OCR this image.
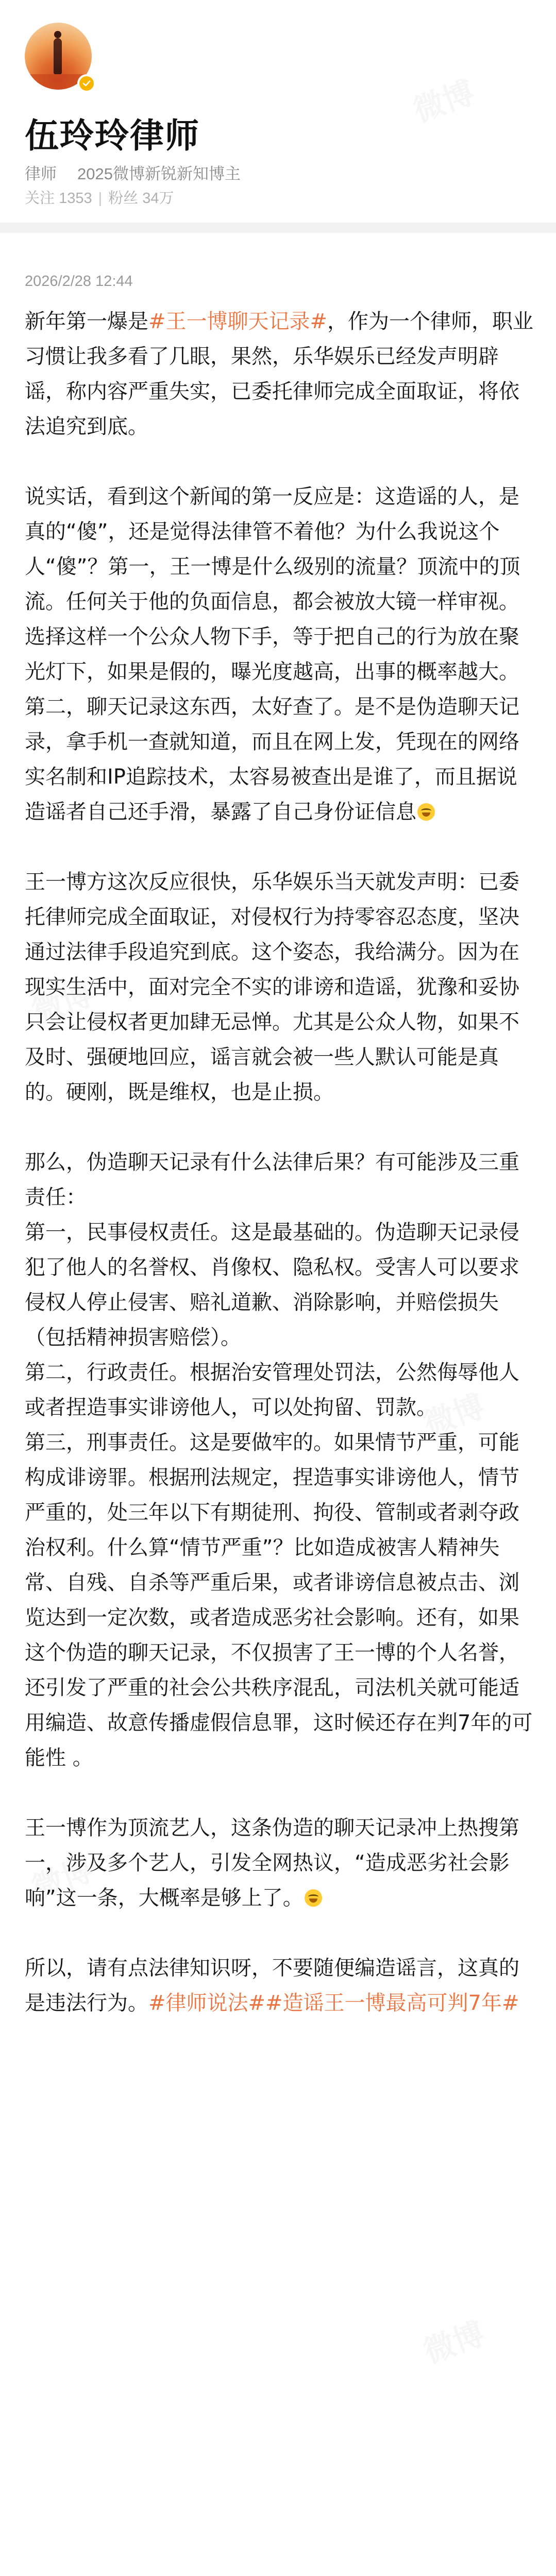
伍玲玲律师
律师 2025微博新锐新知博主
关注 1353 | 粉丝 34万
2026/2/28 12:44

新年第一爆是#王一博聊天记录#，作为一个律师，职业习惯让我多看了几眼，果然，乐华娱乐已经发声明辟谣，称内容严重失实，已委托律师完成全面取证，将依法追究到底。

说实话，看到这个新闻的第一反应是：这造谣的人，是真的“傻”，还是觉得法律管不着他？为什么我说这个人“傻”？第一，王一博是什么级别的流量？顶流中的顶流。任何关于他的负面信息，都会被放大镜一样审视。选择这样一个公众人物下手，等于把自己的行为放在聚光灯下，如果是假的，曝光度越高，出事的概率越大。第二，聊天记录这东西，太好查了。是不是伪造聊天记录，拿手机一查就知道，而且在网上发，凭现在的网络实名制和IP追踪技术，太容易被查出是谁了，而且据说造谣者自己还手滑，暴露了自己身份证信息

王一博方这次反应很快，乐华娱乐当天就发声明：已委托律师完成全面取证，对侵权行为持零容忍态度，坚决通过法律手段追究到底。这个姿态，我给满分。因为在现实生活中，面对完全不实的诽谤和造谣，犹豫和妥协只会让侵权者更加肆无忌惮。尤其是公众人物，如果不及时、强硬地回应，谣言就会被一些人默认可能是真的。硬刚，既是维权，也是止损。

那么，伪造聊天记录有什么法律后果？有可能涉及三重责任：

第一，民事侵权责任。这是最基础的。伪造聊天记录侵犯了他人的名誉权、肖像权、隐私权。受害人可以要求侵权人停止侵害、赔礼道歉、消除影响，并赔偿损失（包括精神损害赔偿）。

第二，行政责任。根据治安管理处罚法，公然侮辱他人或者捏造事实诽谤他人，可以处拘留、罚款。

第三，刑事责任。这是要做牢的。如果情节严重，可能构成诽谤罪。根据刑法规定，捏造事实诽谤他人，情节严重的，处三年以下有期徒刑、拘役、管制或者剥夺政治权利。什么算“情节严重”？比如造成被害人精神失常、自残、自杀等严重后果，或者诽谤信息被点击、浏览达到一定次数，或者造成恶劣社会影响。还有，如果这个伪造的聊天记录，不仅损害了王一博的个人名誉，还引发了严重的社会公共秩序混乱，司法机关就可能适用编造、故意传播虚假信息罪，这时候还存在判7年的可能性 。

王一博作为顶流艺人，这条伪造的聊天记录冲上热搜第一，涉及多个艺人，引发全网热议，“造成恶劣社会影响”这一条，大概率是够上了。

所以，请有点法律知识呀，不要随便编造谣言，这真的是违法行为。#律师说法##造谣王一博最高可判7年#
